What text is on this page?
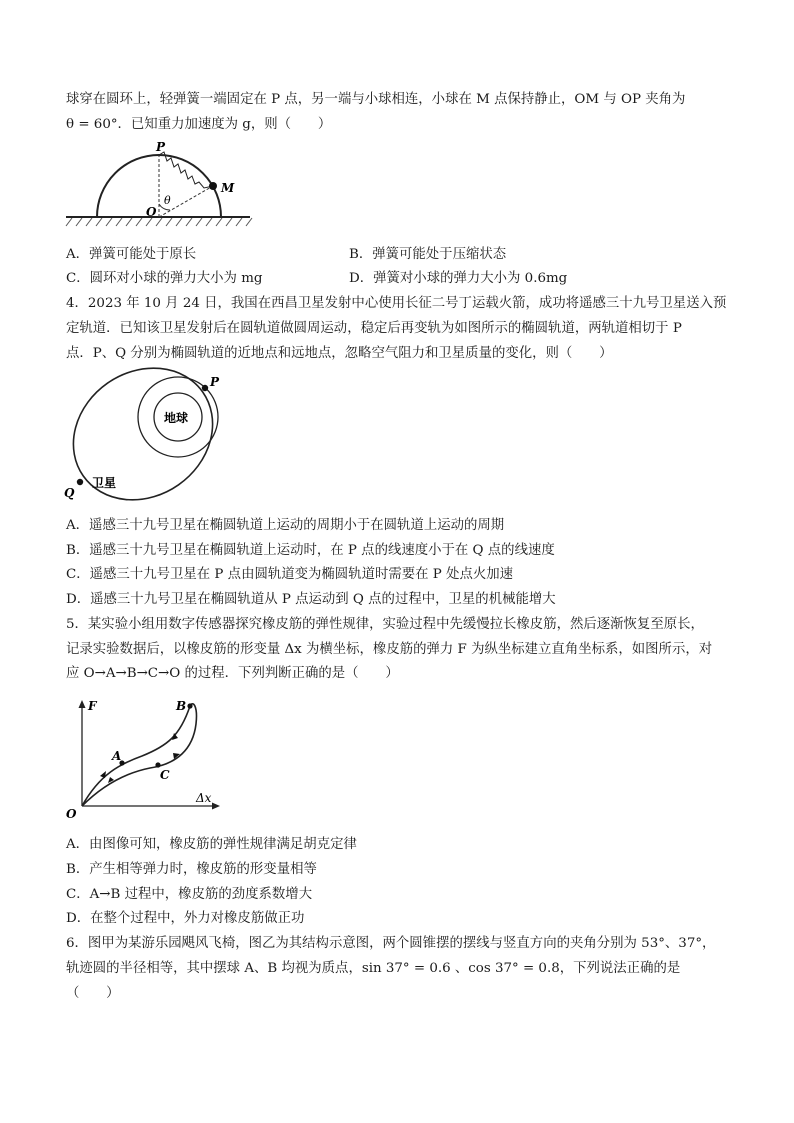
球穿在圆环上，轻弹簧一端固定在 P 点，另一端与小球相连，小球在 M 点保持静止，OM 与 OP 夹角为
θ = 60°．已知重力加速度为 g，则（　　）
P
M
O
θ
A．弹簧可能处于原长	B．弹簧可能处于压缩状态
C．圆环对小球的弹力大小为 mg	D．弹簧对小球的弹力大小为 0.6mg
4．2023 年 10 月 24 日，我国在西昌卫星发射中心使用长征二号丁运载火箭，成功将遥感三十九号卫星送入预
定轨道．已知该卫星发射后在圆轨道做圆周运动，稳定后再变轨为如图所示的椭圆轨道，两轨道相切于 P
点．P、Q 分别为椭圆轨道的近地点和远地点，忽略空气阻力和卫星质量的变化，则（　　）
地球
P
Q
卫星
A．遥感三十九号卫星在椭圆轨道上运动的周期小于在圆轨道上运动的周期
B．遥感三十九号卫星在椭圆轨道上运动时，在 P 点的线速度小于在 Q 点的线速度
C．遥感三十九号卫星在 P 点由圆轨道变为椭圆轨道时需要在 P 处点火加速
D．遥感三十九号卫星在椭圆轨道从 P 点运动到 Q 点的过程中，卫星的机械能增大
5．某实验小组用数字传感器探究橡皮筋的弹性规律，实验过程中先缓慢拉长橡皮筋，然后逐渐恢复至原长，
记录实验数据后，以橡皮筋的形变量 Δx 为横坐标，橡皮筋的弹力 F 为纵坐标建立直角坐标系，如图所示，对
应 O→A→B→C→O 的过程．下列判断正确的是（　　）
F
Δx
O
A
B
C
A．由图像可知，橡皮筋的弹性规律满足胡克定律
B．产生相等弹力时，橡皮筋的形变量相等
C．A→B 过程中，橡皮筋的劲度系数增大
D．在整个过程中，外力对橡皮筋做正功
6．图甲为某游乐园飓风飞椅，图乙为其结构示意图，两个圆锥摆的摆线与竖直方向的夹角分别为 53°、37°，
轨迹圆的半径相等，其中摆球 A、B 均视为质点，sin 37° = 0.6 、cos 37° = 0.8，下列说法正确的是
（　　）
